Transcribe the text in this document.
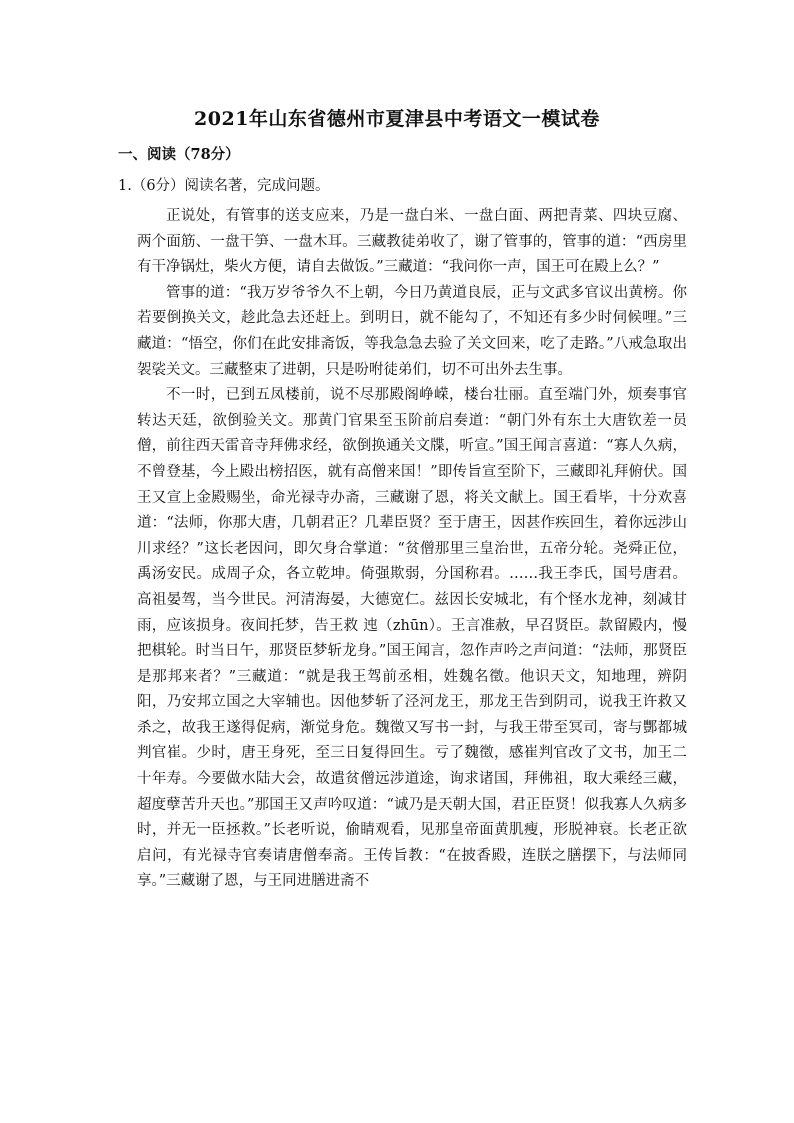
2021年山东省德州市夏津县中考语文一模试卷
一、阅读（78分）
1.（6分）阅读名著，完成问题。

正说处，有管事的送支应来，乃是一盘白米、一盘白面、两把青菜、四块豆腐、两个面筋、一盘干笋、一盘木耳。三藏教徒弟收了，谢了管事的，管事的道：“西房里有干净锅灶，柴火方便，请自去做饭。”三藏道：“我问你一声，国王可在殿上么？”

管事的道：“我万岁爷爷久不上朝，今日乃黄道良辰，正与文武多官议出黄榜。你若要倒换关文，趁此急去还赶上。到明日，就不能勾了，不知还有多少时伺候哩。”三藏道：“悟空，你们在此安排斋饭，等我急急去验了关文回来，吃了走路。”八戒急取出袈裟关文。三藏整束了进朝，只是吩咐徒弟们，切不可出外去生事。

不一时，已到五凤楼前，说不尽那殿阁峥嵘，楼台壮丽。直至端门外，烦奏事官转达天廷，欲倒验关文。那黄门官果至玉阶前启奏道：“朝门外有东土大唐钦差一员僧，前往西天雷音寺拜佛求经，欲倒换通关文牒，听宣。”国王闻言喜道：“寡人久病，不曾登基，今上殿出榜招医，就有高僧来国！”即传旨宣至阶下，三藏即礼拜俯伏。国王又宣上金殿赐坐，命光禄寺办斋，三藏谢了恩，将关文献上。国王看毕，十分欢喜道：“法师，你那大唐，几朝君正？几辈臣贤？至于唐王，因甚作疾回生，着你远涉山川求经？”这长老因问，即欠身合掌道：“贫僧那里三皇治世，五帝分轮。尧舜正位，禹汤安民。成周子众，各立乾坤。倚强欺弱，分国称君。……我王李氏，国号唐君。高祖晏驾，当今世民。河清海晏，大德宽仁。兹因长安城北，有个怪水龙神，刻减甘雨，应该损身。夜间托梦，告王救 迍（zhūn）。王言准赦，早召贤臣。款留殿内，慢把棋轮。时当日午，那贤臣梦斩龙身。”国王闻言，忽作声吟之声问道：“法师，那贤臣是那邦来者？”三藏道：“就是我王驾前丞相，姓魏名徵。他识天文，知地理，辨阴阳，乃安邦立国之大宰辅也。因他梦斩了泾河龙王，那龙王告到阴司，说我王许救又杀之，故我王遂得促病，渐觉身危。魏徵又写书一封，与我王带至冥司，寄与酆都城判官崔。少时，唐王身死，至三日复得回生。亏了魏徵，感崔判官改了文书，加王二十年寿。今要做水陆大会，故遣贫僧远涉道途，询求诸国，拜佛祖，取大乘经三藏，超度孽苦升天也。”那国王又声吟叹道：“诚乃是天朝大国，君正臣贤！似我寡人久病多时，并无一臣拯救。”长老听说，偷睛观看，见那皇帝面黄肌瘦，形脱神衰。长老正欲启问，有光禄寺官奏请唐僧奉斋。王传旨教：“在披香殿，连朕之膳摆下，与法师同享。”三藏谢了恩，与王同进膳进斋不
